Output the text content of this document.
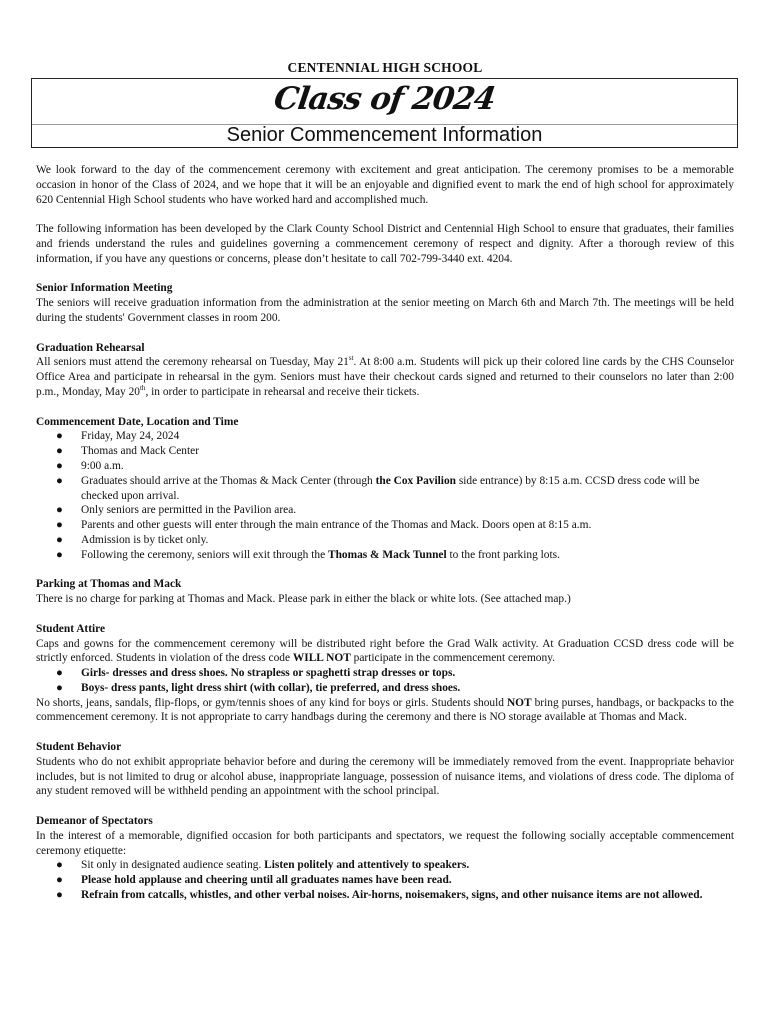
CENTENNIAL HIGH SCHOOL
Class of 2024
Senior Commencement Information

We look forward to the day of the commencement ceremony with excitement and great anticipation. The ceremony promises to be a memorable occasion in honor of the Class of 2024, and we hope that it will be an enjoyable and dignified event to mark the end of high school for approximately 620 Centennial High School students who have worked hard and accomplished much.

The following information has been developed by the Clark County School District and Centennial High School to ensure that graduates, their families and friends understand the rules and guidelines governing a commencement ceremony of respect and dignity. After a thorough review of this information, if you have any questions or concerns, please don’t hesitate to call 702-799-3440 ext. 4204.

Senior Information Meeting

The seniors will receive graduation information from the administration at the senior meeting on March 6th and March 7th. The meetings will be held during the students' Government classes in room 200.

Graduation Rehearsal

All seniors must attend the ceremony rehearsal on Tuesday, May 21st. At 8:00 a.m. Students will pick up their colored line cards by the CHS Counselor Office Area and participate in rehearsal in the gym. Seniors must have their checkout cards signed and returned to their counselors no later than 2:00 p.m., Monday, May 20th, in order to participate in rehearsal and receive their tickets.

Commencement Date, Location and Time

● Friday, May 24, 2024
● Thomas and Mack Center
● 9:00 a.m.
● Graduates should arrive at the Thomas & Mack Center (through the Cox Pavilion side entrance) by 8:15 a.m. CCSD dress code will be checked upon arrival.
● Only seniors are permitted in the Pavilion area.
● Parents and other guests will enter through the main entrance of the Thomas and Mack. Doors open at 8:15 a.m.
● Admission is by ticket only.
● Following the ceremony, seniors will exit through the Thomas & Mack Tunnel to the front parking lots.

Parking at Thomas and Mack

There is no charge for parking at Thomas and Mack. Please park in either the black or white lots. (See attached map.)

Student Attire

Caps and gowns for the commencement ceremony will be distributed right before the Grad Walk activity. At Graduation CCSD dress code will be strictly enforced. Students in violation of the dress code WILL NOT participate in the commencement ceremony.

● Girls- dresses and dress shoes. No strapless or spaghetti strap dresses or tops.
● Boys- dress pants, light dress shirt (with collar), tie preferred, and dress shoes.

No shorts, jeans, sandals, flip-flops, or gym/tennis shoes of any kind for boys or girls. Students should NOT bring purses, handbags, or backpacks to the commencement ceremony. It is not appropriate to carry handbags during the ceremony and there is NO storage available at Thomas and Mack.

Student Behavior

Students who do not exhibit appropriate behavior before and during the ceremony will be immediately removed from the event. Inappropriate behavior includes, but is not limited to drug or alcohol abuse, inappropriate language, possession of nuisance items, and violations of dress code. The diploma of any student removed will be withheld pending an appointment with the school principal.

Demeanor of Spectators

In the interest of a memorable, dignified occasion for both participants and spectators, we request the following socially acceptable commencement ceremony etiquette:

● Sit only in designated audience seating. Listen politely and attentively to speakers.
● Please hold applause and cheering until all graduates names have been read.
● Refrain from catcalls, whistles, and other verbal noises. Air-horns, noisemakers, signs, and other nuisance items are not allowed.
